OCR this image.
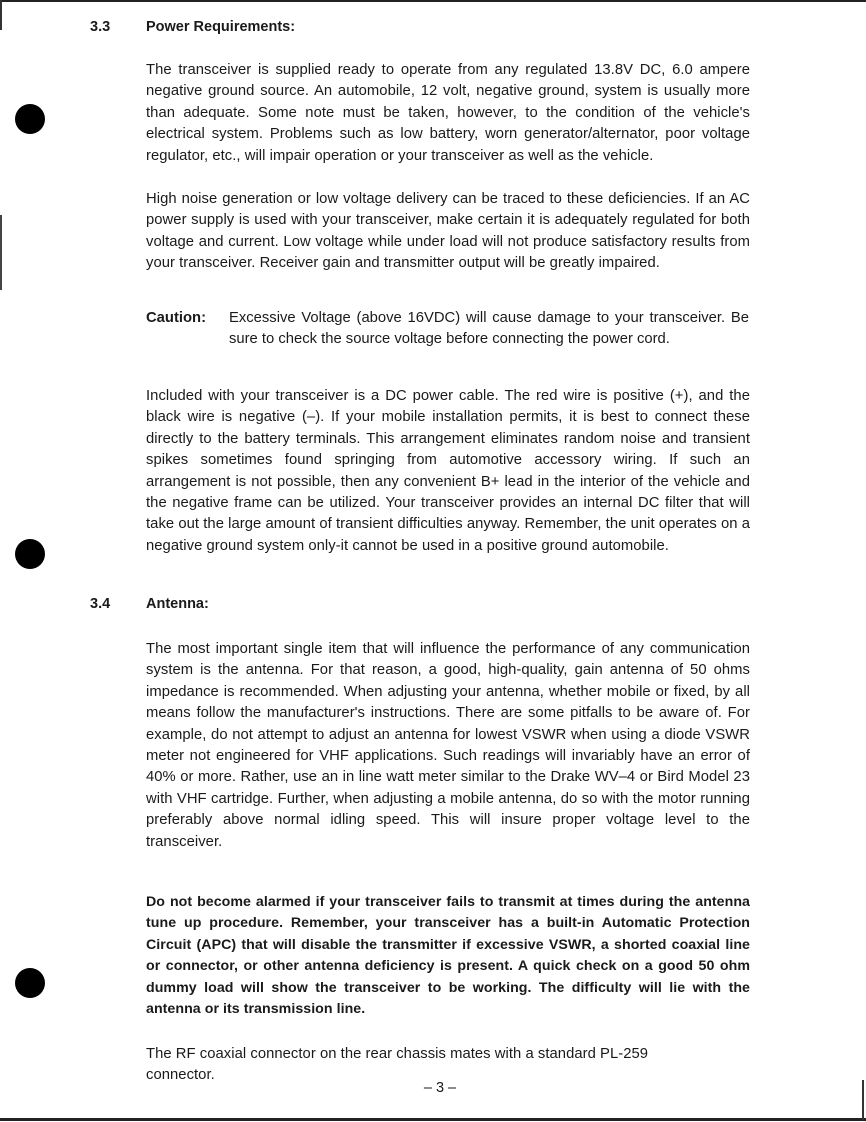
3.3 Power Requirements:

The transceiver is supplied ready to operate from any regulated 13.8V DC, 6.0 ampere negative ground source. An automobile, 12 volt, negative ground, system is usually more than adequate. Some note must be taken, however, to the condition of the vehicle's electrical system. Problems such as low battery, worn generator/alternator, poor voltage regulator, etc., will impair operation or your transceiver as well as the vehicle.

High noise generation or low voltage delivery can be traced to these deficiencies. If an AC power supply is used with your transceiver, make certain it is adequately regulated for both voltage and current. Low voltage while under load will not produce satisfactory results from your transceiver. Receiver gain and transmitter output will be greatly impaired.

Caution: Excessive Voltage (above 16VDC) will cause damage to your transceiver. Be sure to check the source voltage before connecting the power cord.

Included with your transceiver is a DC power cable. The red wire is positive (+), and the black wire is negative (–). If your mobile installation permits, it is best to connect these directly to the battery terminals. This arrangement eliminates random noise and transient spikes sometimes found springing from automotive accessory wiring. If such an arrangement is not possible, then any convenient B+ lead in the interior of the vehicle and the negative frame can be utilized. Your transceiver provides an internal DC filter that will take out the large amount of transient difficulties anyway. Remember, the unit operates on a negative ground system only-it cannot be used in a positive ground automobile.

3.4 Antenna:

The most important single item that will influence the performance of any communication system is the antenna. For that reason, a good, high-quality, gain antenna of 50 ohms impedance is recommended. When adjusting your antenna, whether mobile or fixed, by all means follow the manufacturer's instructions. There are some pitfalls to be aware of. For example, do not attempt to adjust an antenna for lowest VSWR when using a diode VSWR meter not engineered for VHF applications. Such readings will invariably have an error of 40% or more. Rather, use an in line watt meter similar to the Drake WV–4 or Bird Model 23 with VHF cartridge. Further, when adjusting a mobile antenna, do so with the motor running preferably above normal idling speed. This will insure proper voltage level to the transceiver.

Do not become alarmed if your transceiver fails to transmit at times during the antenna tune up procedure. Remember, your transceiver has a built-in Automatic Protection Circuit (APC) that will disable the transmitter if excessive VSWR, a shorted coaxial line or connector, or other antenna deficiency is present. A quick check on a good 50 ohm dummy load will show the transceiver to be working. The difficulty will lie with the antenna or its transmission line.

The RF coaxial connector on the rear chassis mates with a standard PL-259 connector.

– 3 –
